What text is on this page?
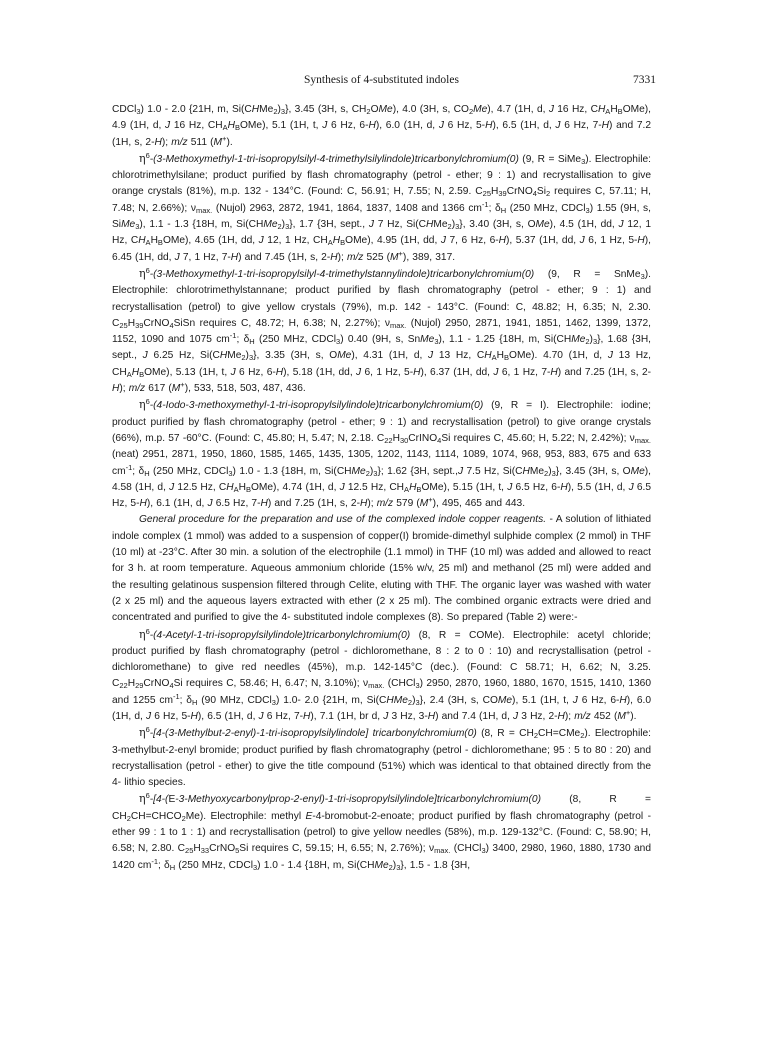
Synthesis of 4-substituted indoles	7331

CDCl$_3$) 1.0 - 2.0 {21H, m, $Si(CHMe_2)_3$}, 3.45 (3H, s, $CH_2OMe$), 4.0 (3H, s, $CO_2Me$), 4.7 (1H, d, J 16 Hz, $CH_AH_BOMe$), 4.9 (1H, d, J 16 Hz, $CH_AH_BOMe$), 5.1 (1H, t, J 6 Hz, 6-H), 6.0 (1H, d, J 6 Hz, 5-H), 6.5 (1H, d, J 6 Hz, 7-H) and 7.2 (1H, s, 2-H); m/z 511 (M+).

$\eta^6-(3-Methoxymethyl-1-tri-isopropylsilyl-4-trimethylsilylindole)tricarbonylchromium(0)$ (9, R = SiMe$_3$). Electrophile: chlorotrimethylsilane; product purified by flash chromatography (petrol - ether; 9 : 1) and recrystallisation to give orange crystals (81%), m.p. 132 - 134°C. (Found: C, 56.91; H, 7.55; N, 2.59. $C_{25}H_{39}CrNO_4Si_2$ requires C, 57.11; H, 7.48; N, 2.66%); $\nu_{max.}$ (Nujol) 2963, 2872, 1941, 1864, 1837, 1408 and 1366 $cm^{-1}$; $\delta_H$ (250 MHz, CDCl$_3$) 1.55 (9H, s, SiMe$_3$), 1.1 - 1.3 {18H, m, $Si(CHMe_2)_3$}, 1.7 {3H, sept., J 7 Hz, $Si(CHMe_2)_3$}, 3.40 (3H, s, OMe), 4.5 (1H, dd, J 12, 1 Hz, $CH_AH_BOMe$), 4.65 (1H, dd, J 12, 1 Hz, $CH_AH_BOMe$), 4.95 (1H, dd, J 7, 6 Hz, 6-H), 5.37 (1H, dd, J 6, 1 Hz, 5-H), 6.45 (1H, dd, J 7, 1 Hz, 7-H) and 7.45 (1H, s, 2-H); m/z 525 (M+), 389, 317.

$\eta^6-(3-Methoxymethyl-1-tri-isopropylsilyl-4-trimethylstannylindole)tricarbonylchromium(0)$ (9, R = SnMe$_3$). Electrophile: chlorotrimethylstannane; product purified by flash chromatography (petrol - ether; 9 : 1) and recrystallisation (petrol) to give yellow crystals (79%), m.p. 142 - 143°C. (Found: C, 48.82; H, 6.35; N, 2.30. $C_{25}H_{39}CrNO_4SiSn$ requires C, 48.72; H, 6.38; N, 2.27%); $\nu_{max.}$ (Nujol) 2950, 2871, 1941, 1851, 1462, 1399, 1372, 1152, 1090 and 1075 $cm^{-1}$; $\delta_H$ (250 MHz, CDCl$_3$) 0.40 (9H, s, SnMe$_3$), 1.1 - 1.25 {18H, m, $Si(CHMe_2)_3$}, 1.68 {3H, sept., J 6.25 Hz, $Si(CHMe_2)_3$}, 3.35 (3H, s, OMe), 4.31 (1H, d, J 13 Hz, $CH_AH_BOMe$). 4.70 (1H, d, J 13 Hz, $CH_AH_BOMe$), 5.13 (1H, t, J 6 Hz, 6-H), 5.18 (1H, dd, J 6, 1 Hz, 5-H), 6.37 (1H, dd, J 6, 1 Hz, 7-H) and 7.25 (1H, s, 2-H); m/z 617 (M+), 533, 518, 503, 487, 436.

$\eta^6-(4-Iodo-3-methoxymethyl-1-tri-isopropylsilylindole)tricarbonylchromium(0)$ (9, R = I). Electrophile: iodine; product purified by flash chromatography (petrol - ether; 9 : 1) and recrystallisation (petrol) to give orange crystals (66%), m.p. 57 -60°C. (Found: C, 45.80; H, 5.47; N, 2.18. $C_{22}H_{30}CrINO_4Si$ requires C, 45.60; H, 5.22; N, 2.42%); $\nu_{max.}$ (neat) 2951, 2871, 1950, 1860, 1585, 1465, 1435, 1305, 1202, 1143, 1114, 1089, 1074, 968, 953, 883, 675 and 633 $cm^{-1}$; $\delta_H$ (250 MHz, CDCl$_3$) 1.0 - 1.3 {18H, m, $Si(CHMe_2)_3$}; 1.62 {3H, sept.,J 7.5 Hz, $Si(CHMe_2)_3$}, 3.45 (3H, s, OMe), 4.58 (1H, d, J 12.5 Hz, $CH_AH_BOMe$), 4.74 (1H, d, J 12.5 Hz, $CH_AH_BOMe$), 5.15 (1H, t, J 6.5 Hz, 6-H), 5.5 (1H, d, J 6.5 Hz, 5-H), 6.1 (1H, d, J 6.5 Hz, 7-H) and 7.25 (1H, s, 2-H); m/z 579 (M+), 495, 465 and 443.

General procedure for the preparation and use of the complexed indole copper reagents. - A solution of lithiated indole complex (1 mmol) was added to a suspension of copper(I) bromide-dimethyl sulphide complex (2 mmol) in THF (10 ml) at -23°C. After 30 min. a solution of the electrophile (1.1 mmol) in THF (10 ml) was added and allowed to react for 3 h. at room temperature. Aqueous ammonium chloride (15% w/v, 25 ml) and methanol (25 ml) were added and the resulting gelatinous suspension filtered through Celite, eluting with THF. The organic layer was washed with water (2 x 25 ml) and the aqueous layers extracted with ether (2 x 25 ml). The combined organic extracts were dried and concentrated and purified to give the 4- substituted indole complexes (8). So prepared (Table 2) were:-

$\eta^6-(4-Acetyl-1-tri-isopropylsilylindole)tricarbonylchromium(0)$ (8, R = COMe). Electrophile: acetyl chloride; product purified by flash chromatography (petrol - dichloromethane, 8 : 2 to 0 : 10) and recrystallisation (petrol - dichloromethane) to give red needles (45%), m.p. 142-145°C (dec.). (Found: C 58.71; H, 6.62; N, 3.25. $C_{22}H_{29}CrNO_4Si$ requires C, 58.46; H, 6.47; N, 3.10%); $\nu_{max.}$ (CHCl$_3$) 2950, 2870, 1960, 1880, 1670, 1515, 1410, 1360 and 1255 $cm^{-1}$; $\delta_H$ (90 MHz, CDCl$_3$) 1.0- 2.0 {21H, m, $Si(CHMe_2)_3$}, 2.4 (3H, s, COMe), 5.1 (1H, t, J 6 Hz, 6-H), 6.0 (1H, d, J 6 Hz, 5-H), 6.5 (1H, d, J 6 Hz, 7-H), 7.1 (1H, br d, J 3 Hz, 3-H) and 7.4 (1H, d, J 3 Hz, 2-H); m/z 452 (M+).

$\eta^6-[4-(3-Methylbut-2-enyl)-1-tri-isopropylsilylindole]$ tricarbonylchromium(0) (8, $R = CH_2CH=CMe_2$). Electrophile: 3-methylbut-2-enyl bromide; product purified by flash chromatography (petrol - dichloromethane; 95 : 5 to 80 : 20) and recrystallisation (petrol - ether) to give the title compound (51%) which was identical to that obtained directly from the 4- lithio species.

$\eta^6-[4-(E-3-Methyoxycarbonylprop-2-enyl)-1-tri-isopropylsilylindole]tricarbonylchromium(0)$ (8, $R = CH_2CH=CHCO_2Me$). Electrophile: methyl E-4-bromobut-2-enoate; product purified by flash chromatography (petrol - ether 99 : 1 to 1 : 1) and recrystallisation (petrol) to give yellow needles (58%), m.p. 129-132°C. (Found: C, 58.90; H, 6.58; N, 2.80. $C_{25}H_{33}CrNO_5Si$ requires C, 59.15; H, 6.55; N, 2.76%); $\nu_{max.}$ (CHCl$_3$) 3400, 2980, 1960, 1880, 1730 and 1420 $cm^{-1}$; $\delta_H$ (250 MHz, CDCl$_3$) 1.0 - 1.4 {18H, m, $Si(CHMe_2)_3$}, 1.5 - 1.8 {3H,
